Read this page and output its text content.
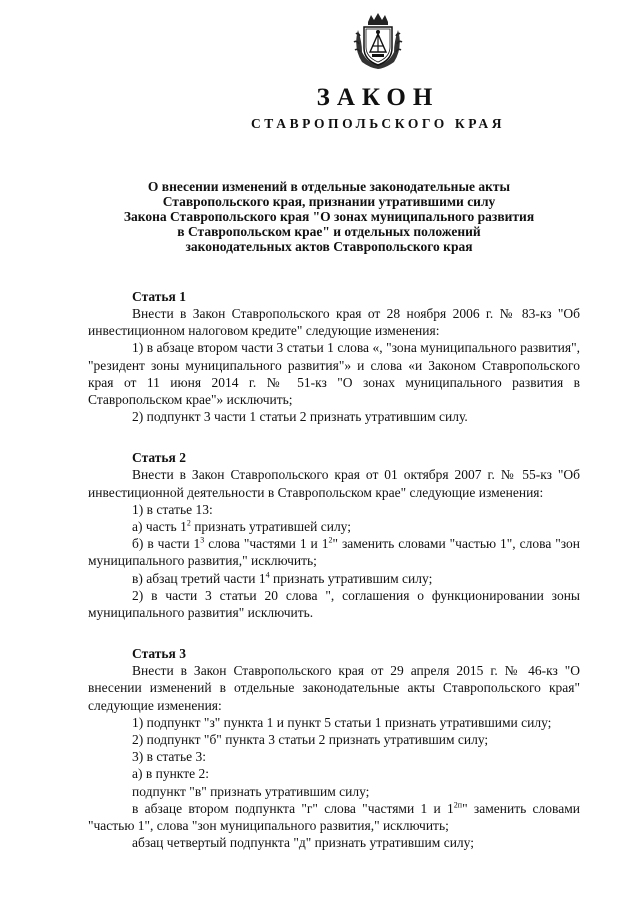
ЗАКОН
СТАВРОПОЛЬСКОГО КРАЯ
О внесении изменений в отдельные законодательные акты
Ставропольского края, признании утратившими силу
Закона Ставропольского края "О зонах муниципального развития
в Ставропольском крае" и отдельных положений
законодательных актов Ставропольского края
Статья 1

Внести в Закон Ставропольского края от 28 ноября 2006 г. № 83-кз "Об инвестиционном налоговом кредите" следующие изменения:

1) в абзаце втором части 3 статьи 1 слова «, "зона муниципального развития", "резидент зоны муниципального развития"» и слова «и Законом Ставропольского края от 11 июня 2014 г. № 51-кз "О зонах муниципального развития в Ставропольском крае"» исключить;

2) подпункт 3 части 1 статьи 2 признать утратившим силу.

Статья 2

Внести в Закон Ставропольского края от 01 октября 2007 г. № 55-кз "Об инвестиционной деятельности в Ставропольском крае" следующие изменения:

1) в статье 13:

а) часть $1^2$ признать утратившей силу;

б) в части $1^3$ слова "частями 1 и $1^2$" заменить словами "частью 1", слова "зон муниципального развития," исключить;

в) абзац третий части $1^4$ признать утратившим силу;

2) в части 3 статьи 20 слова ", соглашения о функционировании зоны муниципального развития" исключить.

Статья 3

Внести в Закон Ставропольского края от 29 апреля 2015 г. № 46-кз "О внесении изменений в отдельные законодательные акты Ставропольского края" следующие изменения:

1) подпункт "з" пункта 1 и пункт 5 статьи 1 признать утратившими силу;

2) подпункт "б" пункта 3 статьи 2 признать утратившим силу;

3) в статье 3:

а) в пункте 2:

подпункт "в" признать утратившим силу;

в абзаце втором подпункта "г" слова "частями 1 и $1^{2п}$" заменить словами "частью 1", слова "зон муниципального развития," исключить;

абзац четвертый подпункта "д" признать утратившим силу;
